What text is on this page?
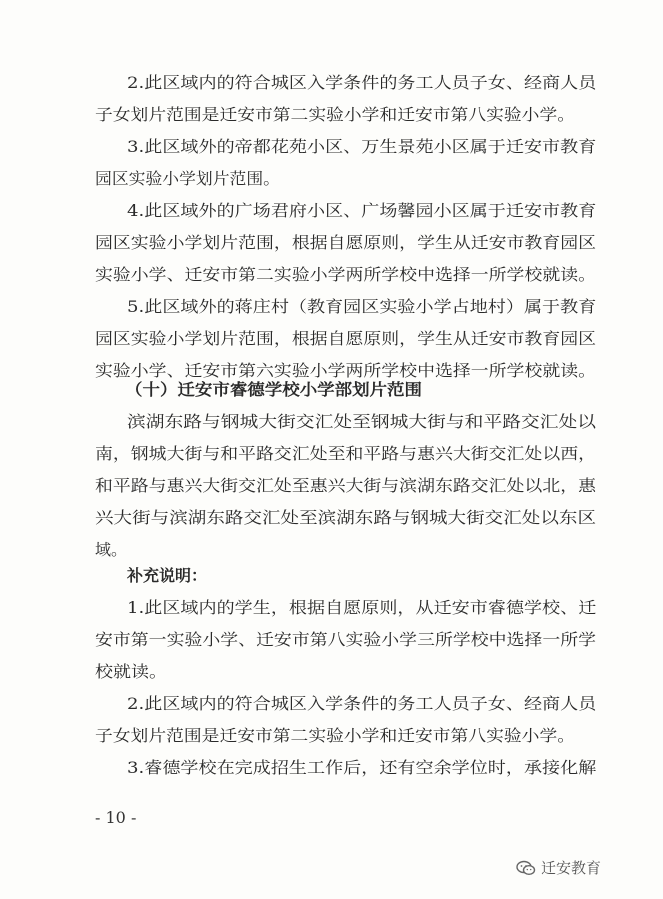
2.此区域内的符合城区入学条件的务工人员子女、经商人员
子女划片范围是迁安市第二实验小学和迁安市第八实验小学。
3.此区域外的帝都花苑小区、万生景苑小区属于迁安市教育
园区实验小学划片范围。
4.此区域外的广场君府小区、广场馨园小区属于迁安市教育
园区实验小学划片范围，根据自愿原则，学生从迁安市教育园区
实验小学、迁安市第二实验小学两所学校中选择一所学校就读。
5.此区域外的蒋庄村（教育园区实验小学占地村）属于教育
园区实验小学划片范围，根据自愿原则，学生从迁安市教育园区
实验小学、迁安市第六实验小学两所学校中选择一所学校就读。
（十）迁安市睿德学校小学部划片范围
滨湖东路与钢城大街交汇处至钢城大街与和平路交汇处以
南，钢城大街与和平路交汇处至和平路与惠兴大街交汇处以西，
和平路与惠兴大街交汇处至惠兴大街与滨湖东路交汇处以北，惠
兴大街与滨湖东路交汇处至滨湖东路与钢城大街交汇处以东区
域。
补充说明：
1.此区域内的学生，根据自愿原则，从迁安市睿德学校、迁
安市第一实验小学、迁安市第八实验小学三所学校中选择一所学
校就读。
2.此区域内的符合城区入学条件的务工人员子女、经商人员
子女划片范围是迁安市第二实验小学和迁安市第八实验小学。
3.睿德学校在完成招生工作后，还有空余学位时，承接化解
- 10 -
迁安教育
